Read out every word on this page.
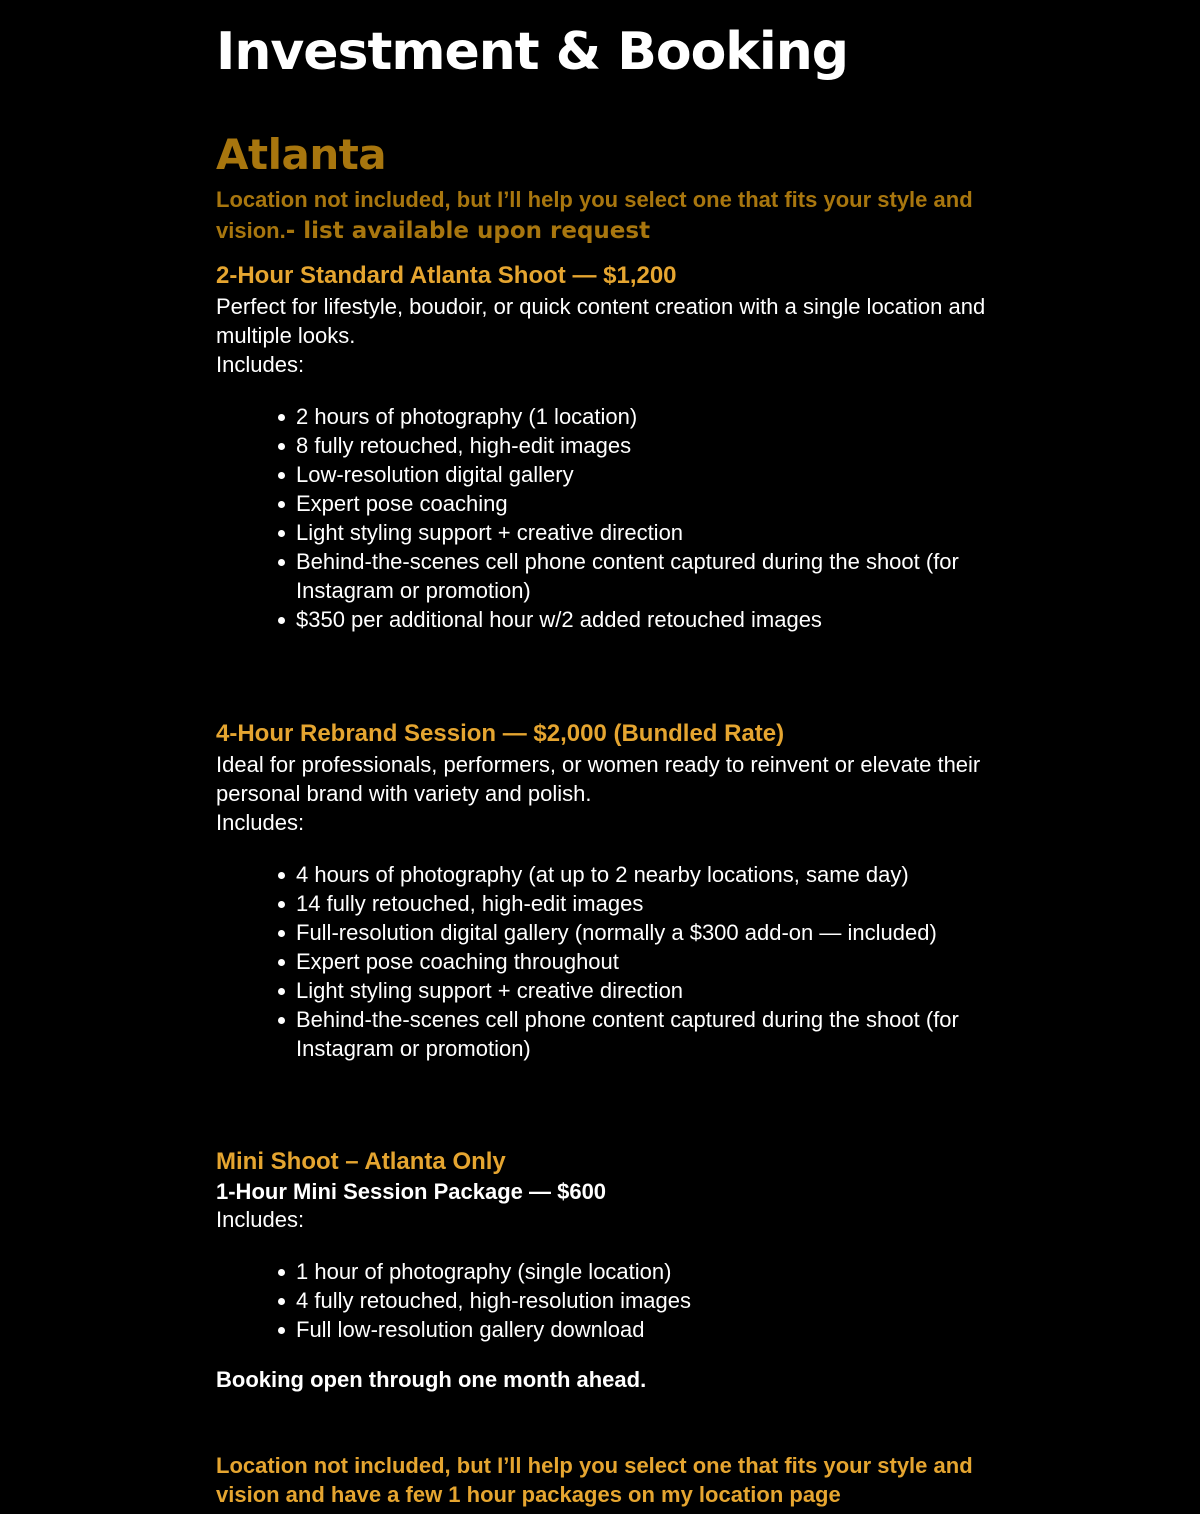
Investment & Booking
Atlanta
Location not included, but I’ll help you select one that fits your style and vision.- list available upon request
2-Hour Standard Atlanta Shoot — $1,200
Perfect for lifestyle, boudoir, or quick content creation with a single location and multiple looks.
Includes:
2 hours of photography (1 location)
8 fully retouched, high-edit images
Low-resolution digital gallery
Expert pose coaching
Light styling support + creative direction
Behind-the-scenes cell phone content captured during the shoot (for Instagram or promotion)
$350 per additional hour w/2 added retouched images
4-Hour Rebrand Session — $2,000 (Bundled Rate)
Ideal for professionals, performers, or women ready to reinvent or elevate their personal brand with variety and polish.
Includes:
4 hours of photography (at up to 2 nearby locations, same day)
14 fully retouched, high-edit images
Full-resolution digital gallery (normally a $300 add-on — included)
Expert pose coaching throughout
Light styling support + creative direction
Behind-the-scenes cell phone content captured during the shoot (for Instagram or promotion)
Mini Shoot – Atlanta Only
1-Hour Mini Session Package — $600
Includes:
1 hour of photography (single location)
4 fully retouched, high-resolution images
Full low-resolution gallery download
Booking open through one month ahead.
Location not included, but I’ll help you select one that fits your style and vision and have a few 1 hour packages on my location page
